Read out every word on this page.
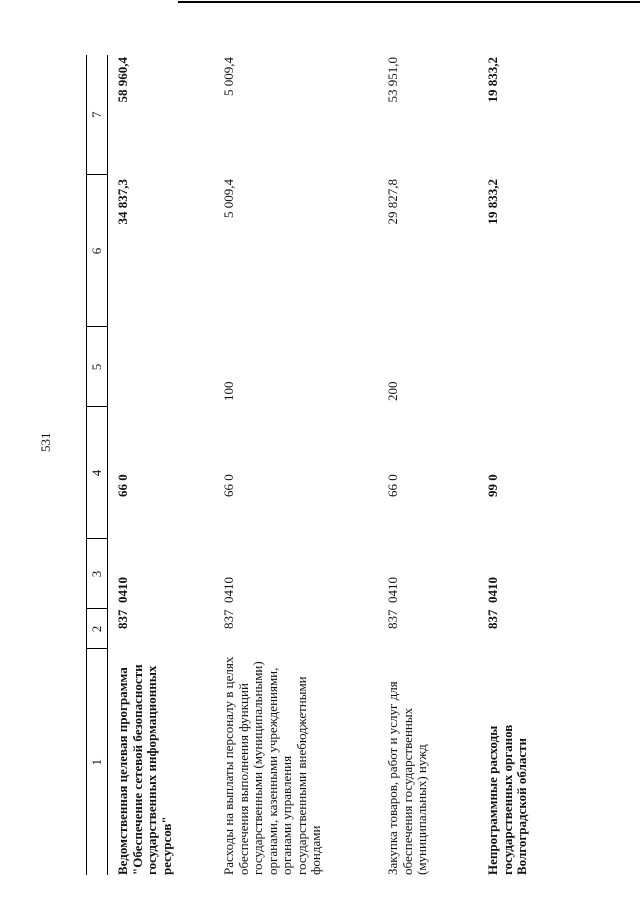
531
1	2	3	4	5	6	7
Ведомственная целевая программа "Обеспечение сетевой безопасности государственных информационных ресурсов"	837	0410	66 0		34 837,3	58 960,4
Расходы на выплаты персоналу в целях обеспечения выполнения функций государственными (муниципальными) органами, казенными учреждениями, органами управления государственными внебюджетными фондами	837	0410	66 0	100	5 009,4	5 009,4
Закупка товаров, работ и услуг для обеспечения государственных (муниципальных) нужд	837	0410	66 0	200	29 827,8	53 951,0
Непрограммные расходы государственных органов Волгоградской области	837	0410	99 0		19 833,2	19 833,2
